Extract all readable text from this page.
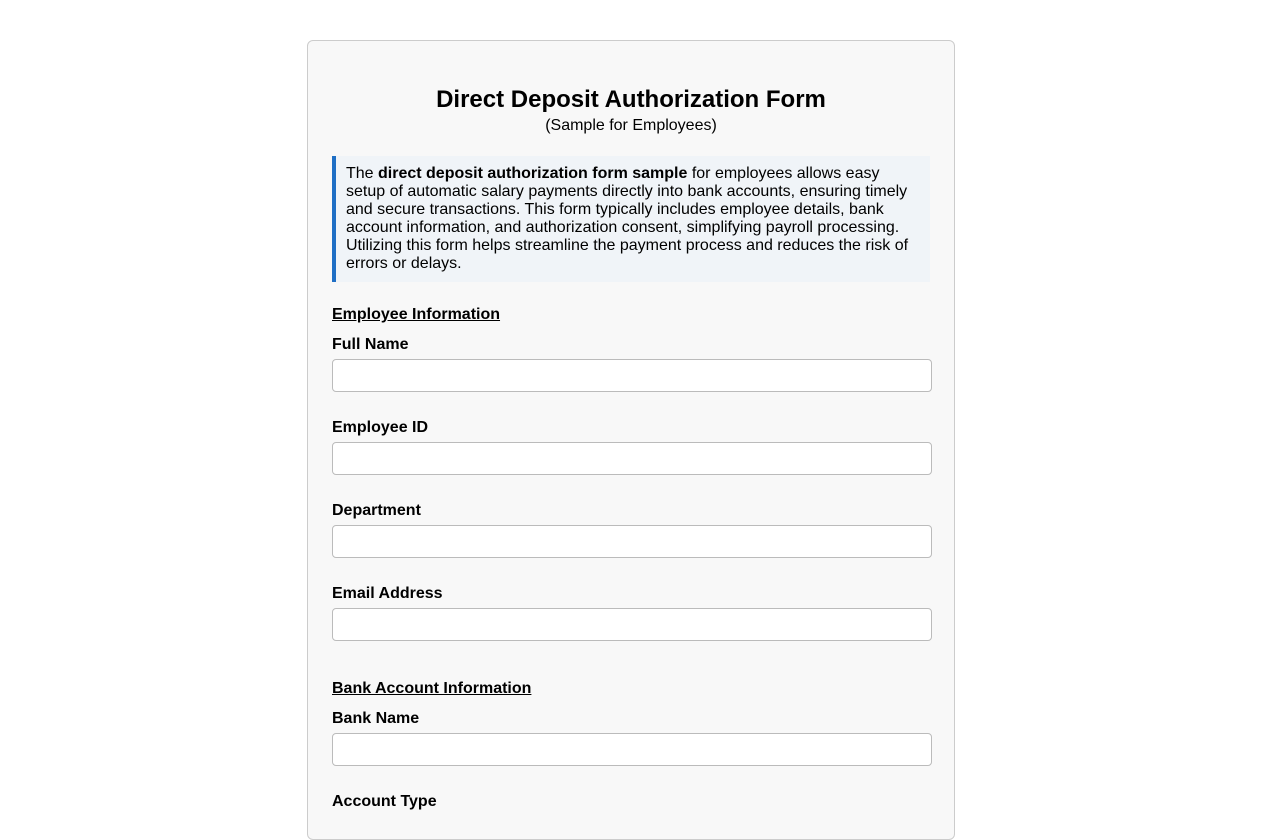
Direct Deposit Authorization Form
(Sample for Employees)
The direct deposit authorization form sample for employees allows easy setup of automatic salary payments directly into bank accounts, ensuring timely and secure transactions. This form typically includes employee details, bank account information, and authorization consent, simplifying payroll processing. Utilizing this form helps streamline the payment process and reduces the risk of errors or delays.
Employee Information
Full Name
Employee ID
Department
Email Address
Bank Account Information
Bank Name
Account Type
